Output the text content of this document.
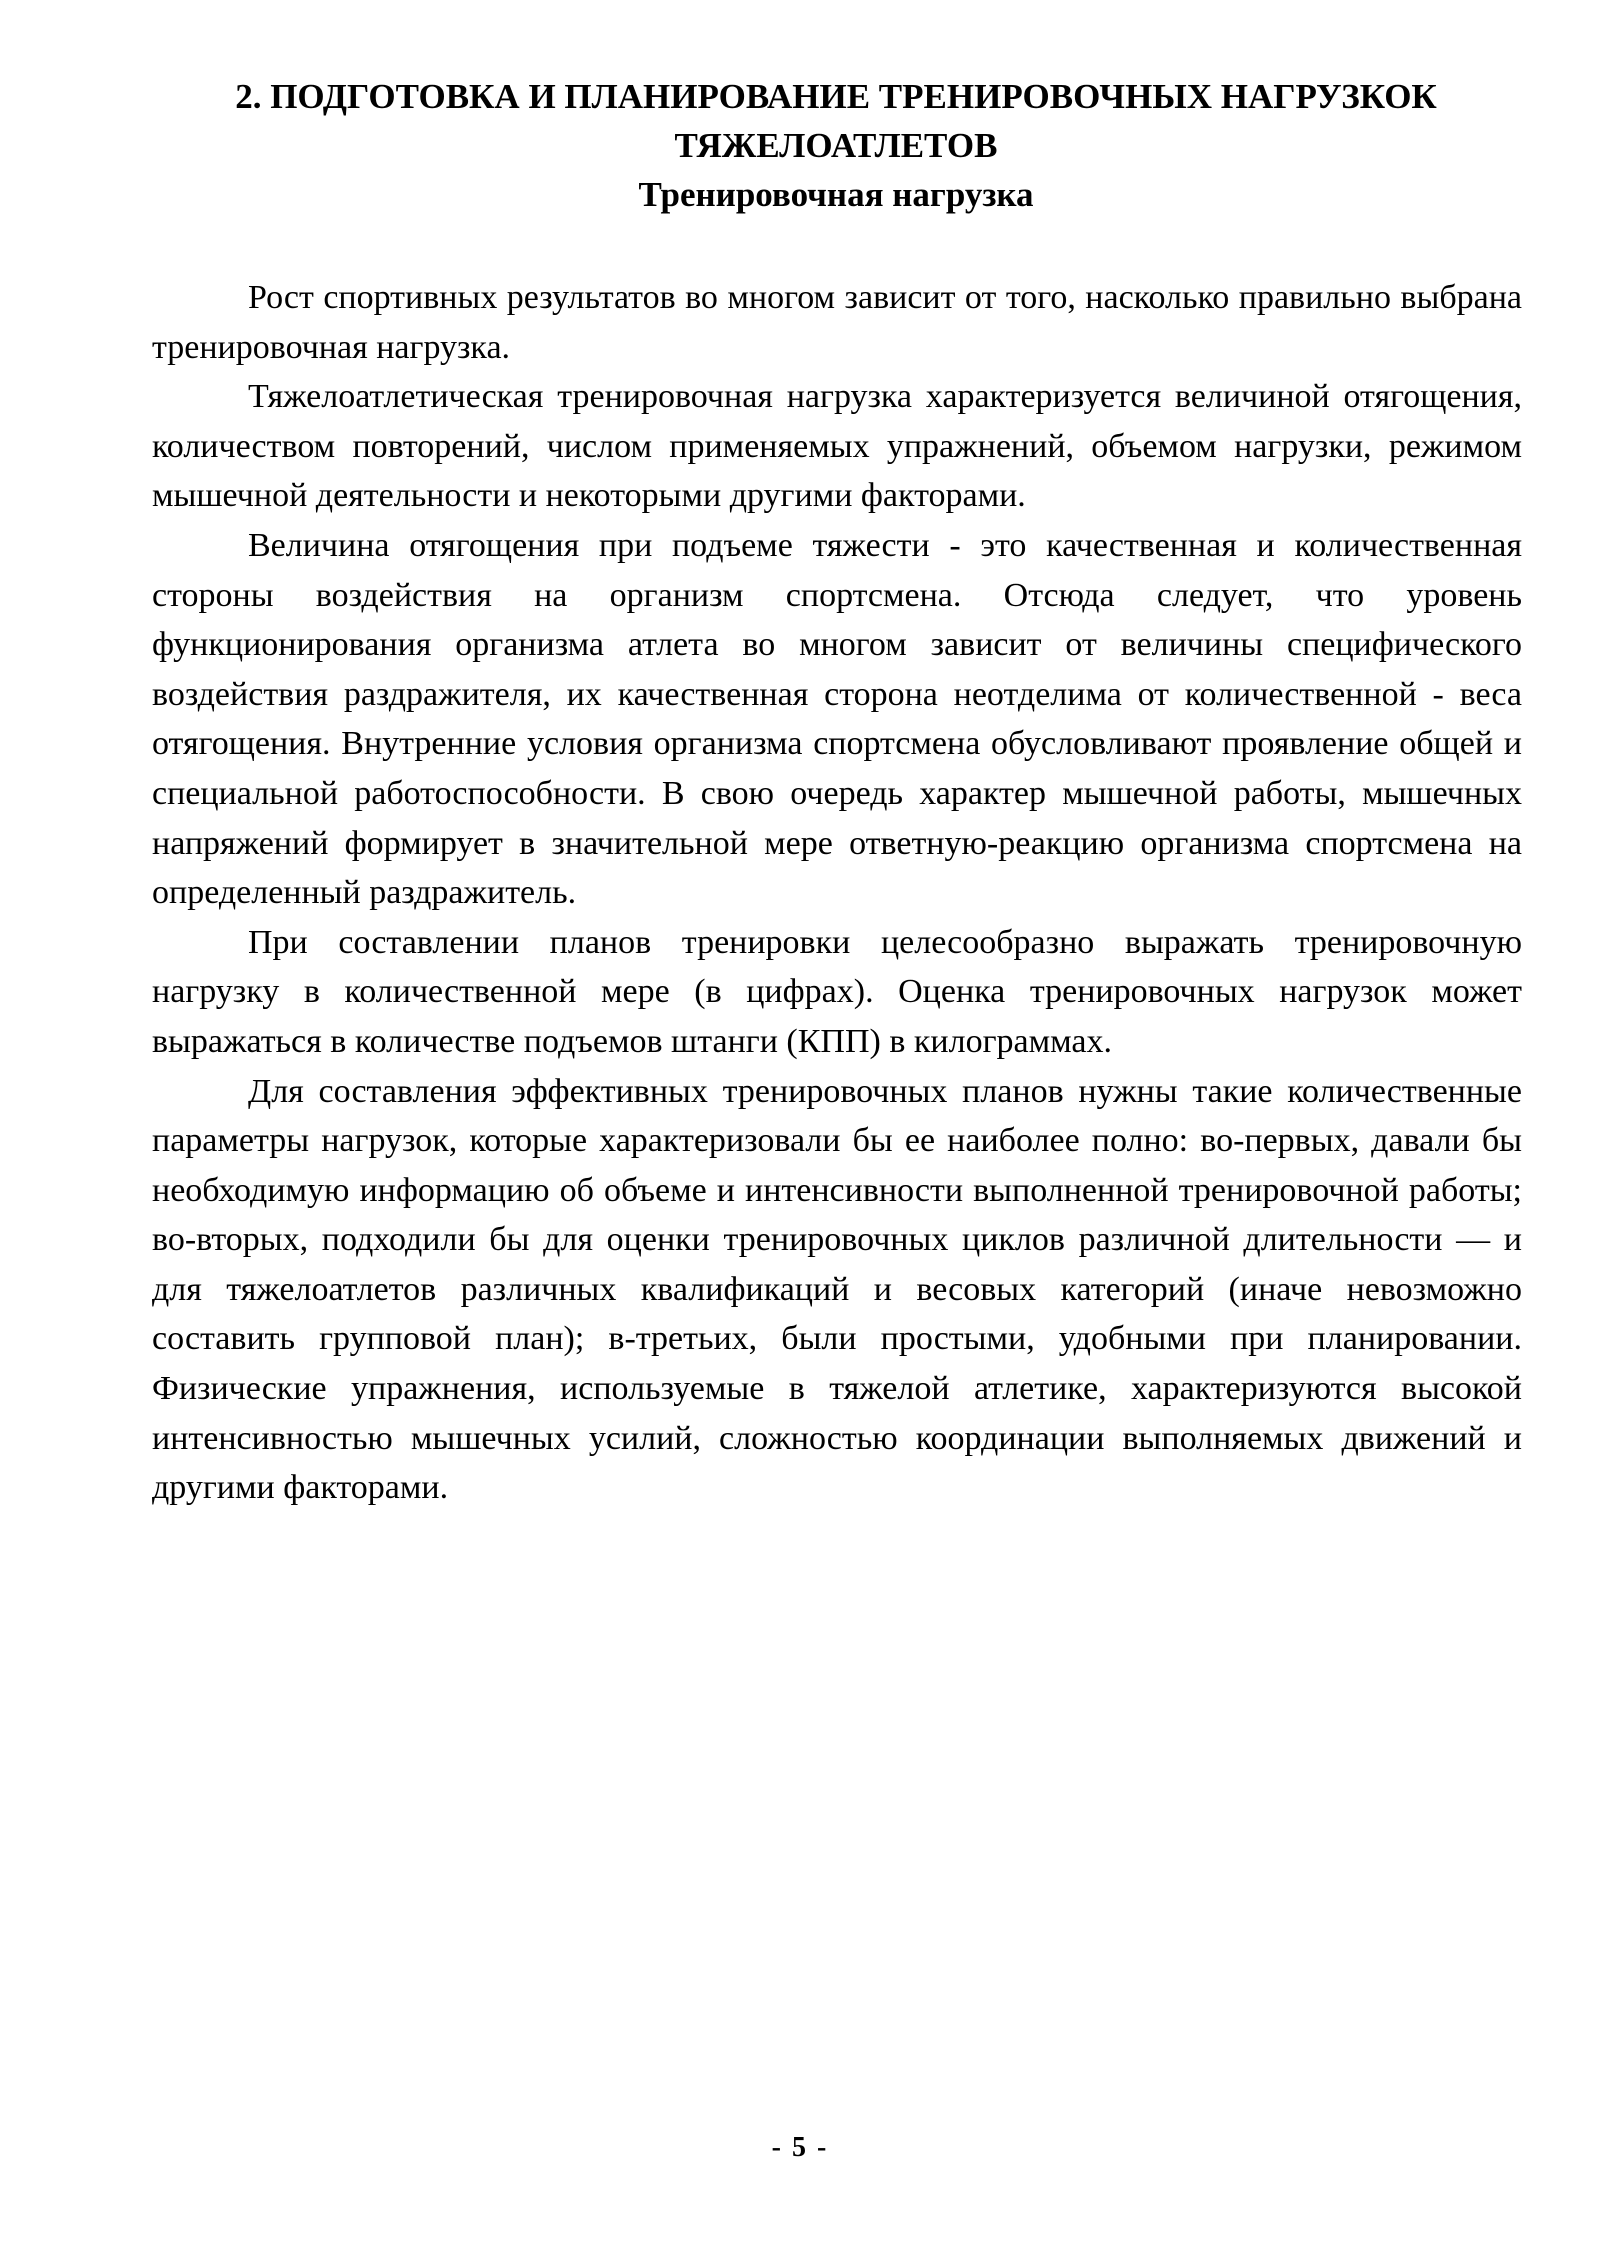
2. ПОДГОТОВКА И ПЛАНИРОВАНИЕ ТРЕНИРОВОЧНЫХ НАГРУЗКОК ТЯЖЕЛОАТЛЕТОВ
Тренировочная нагрузка

Рост спортивных результатов во многом зависит от того, насколько правильно выбрана тренировочная нагрузка.

Тяжелоатлетическая тренировочная нагрузка характеризуется величиной отягощения, количеством повторений, числом применяемых упражнений, объемом нагрузки, режимом мышечной деятельности и некоторыми другими факторами.

Величина отягощения при подъеме тяжести - это качественная и количественная стороны воздействия на организм спортсмена. Отсюда следует, что уровень функционирования организма атлета во многом зависит от величины специфического воздействия раздражителя, их качественная сторона неотделима от количественной - веса отягощения. Внутренние условия организма спортсмена обусловливают проявление общей и специальной работоспособности. В свою очередь характер мышечной работы, мышечных напряжений формирует в значительной мере ответную-реакцию организма спортсмена на определенный раздражитель.

При составлении планов тренировки целесообразно выражать тренировочную нагрузку в количественной мере (в цифрах). Оценка тренировочных нагрузок может выражаться в количестве подъемов штанги (КПП) в килограммах.

Для составления эффективных тренировочных планов нужны такие количественные параметры нагрузок, которые характеризовали бы ее наиболее полно: во-первых, давали бы необходимую информацию об объеме и интенсивности выполненной тренировочной работы; во-вторых, подходили бы для оценки тренировочных циклов различной длительности — и для тяжелоатлетов различных квалификаций и весовых категорий (иначе невозможно составить групповой план); в-третьих, были простыми, удобными при планировании. Физические упражнения, используемые в тяжелой атлетике, характеризуются высокой интенсивностью мышечных усилий, сложностью координации выполняемых движений и другими факторами.

- 5 -
